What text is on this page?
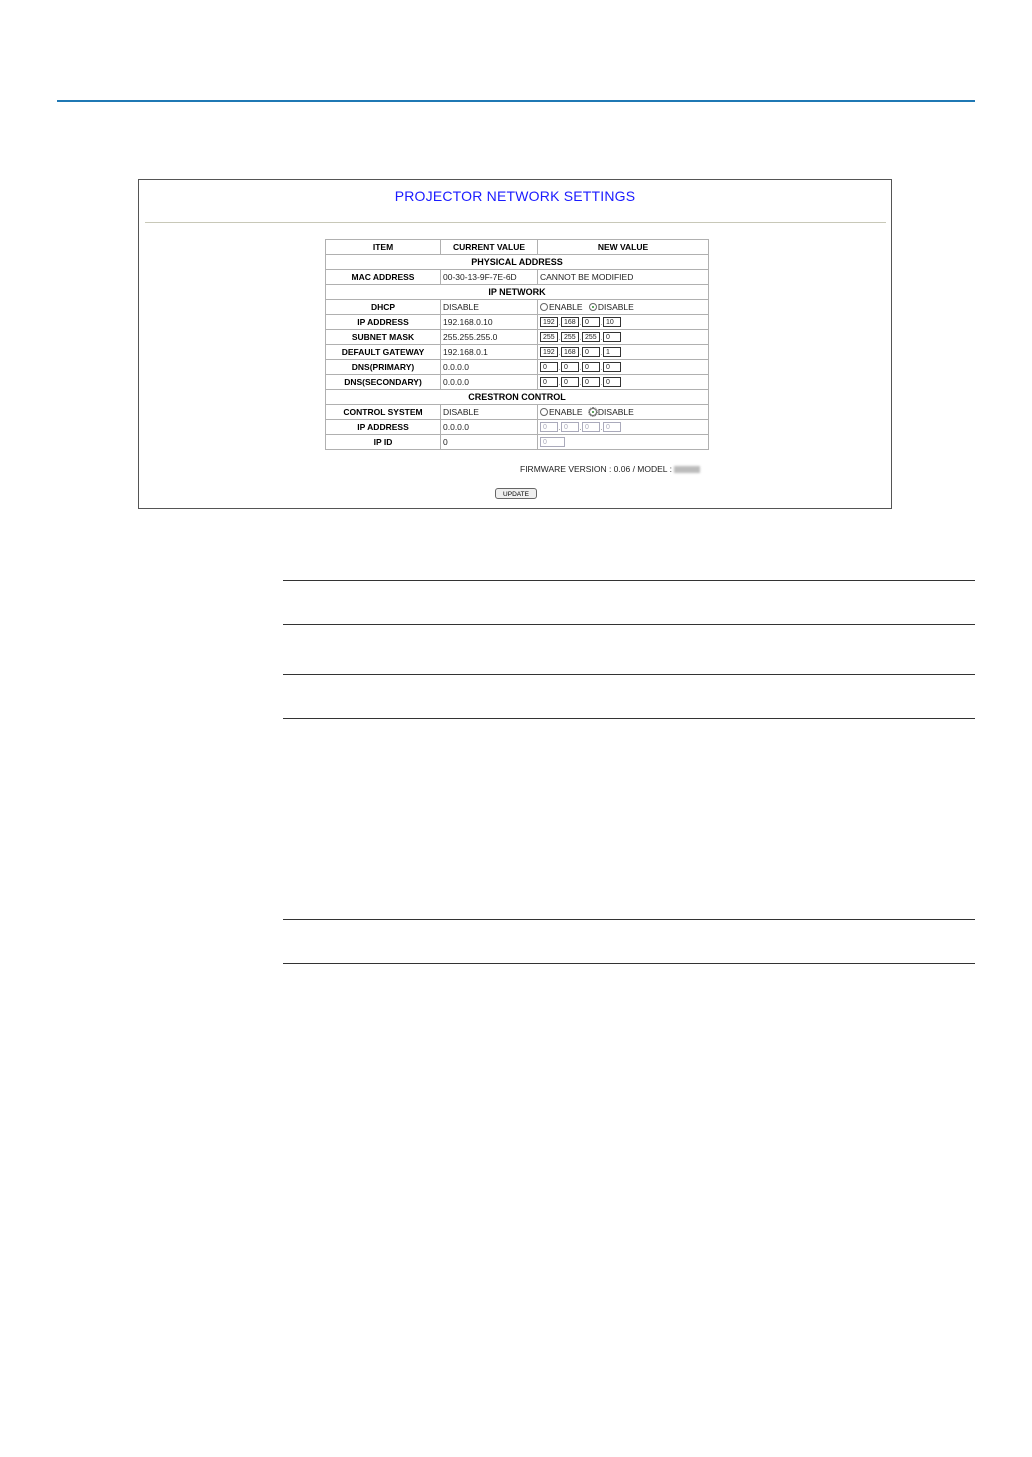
PROJECTOR NETWORK SETTINGS
ITEM	CURRENT VALUE	NEW VALUE
PHYSICAL ADDRESS		
MAC ADDRESS	00-30-13-9F-7E-6D	CANNOT BE MODIFIED
IP NETWORK		
DHCP	DISABLE	ENABLE DISABLE
IP ADDRESS	192.168.0.10	192 . 168 . 0 . 10
SUBNET MASK	255.255.255.0	255 . 255 . 255 . 0
DEFAULT GATEWAY	192.168.0.1	192 . 168 . 0 . 1
DNS(PRIMARY)	0.0.0.0	0 . 0 . 0 . 0
DNS(SECONDARY)	0.0.0.0	0 . 0 . 0 . 0
CRESTRON CONTROL		
CONTROL SYSTEM	DISABLE	ENABLE DISABLE
IP ADDRESS	0.0.0.0	0 . 0 . 0 . 0
IP ID	0	0
FIRMWARE VERSION : 0.06 / MODEL :
UPDATE
